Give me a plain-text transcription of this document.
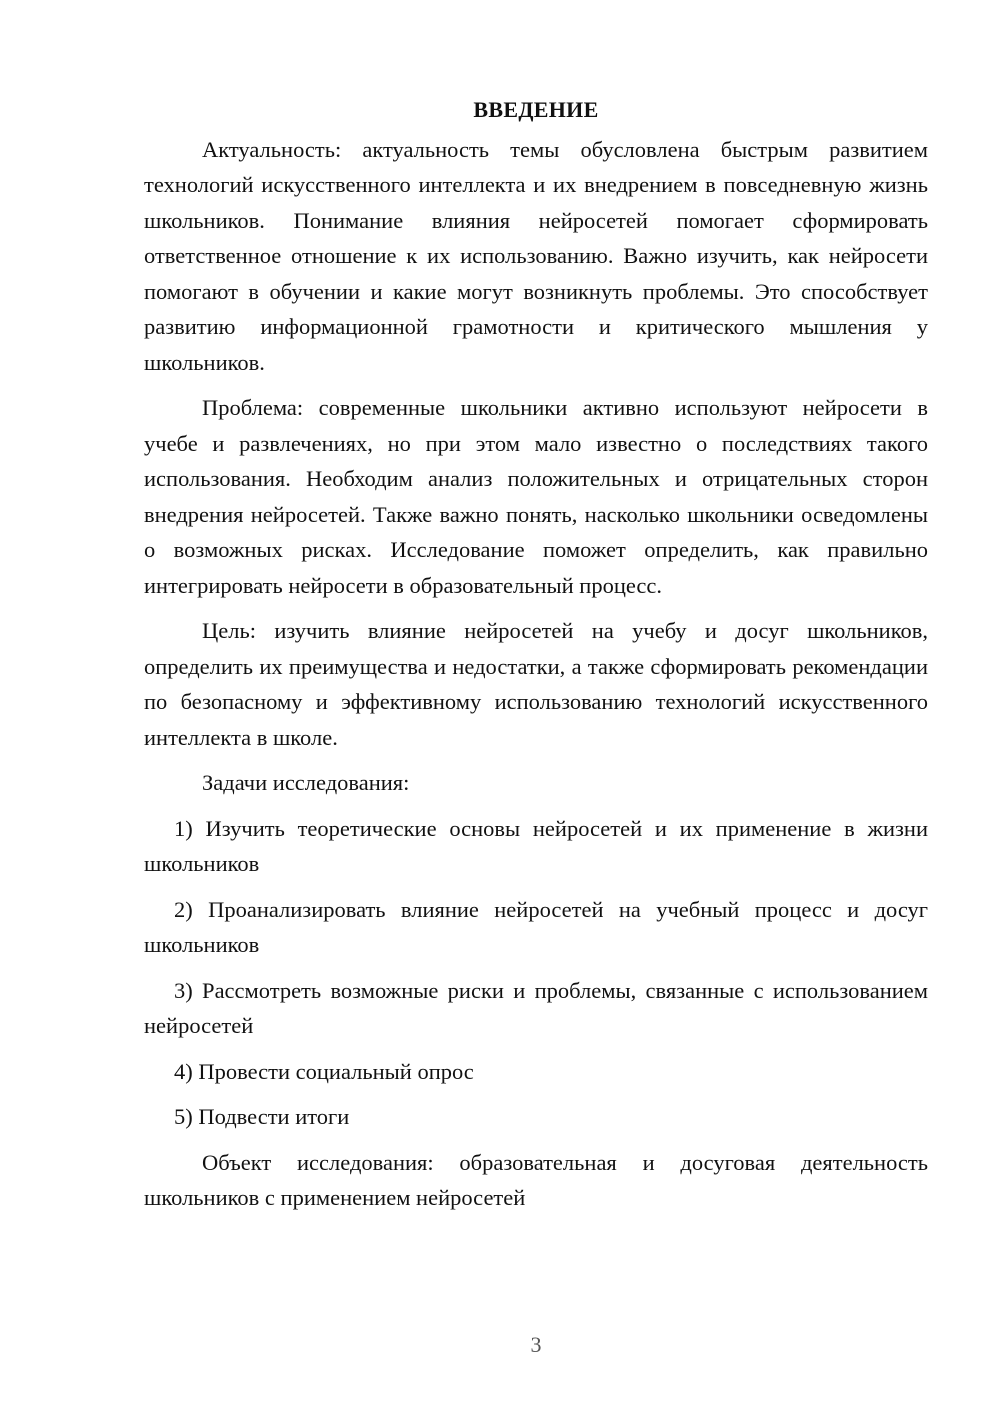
ВВЕДЕНИЕ

Актуальность: актуальность темы обусловлена быстрым развитием технологий искусственного интеллекта и их внедрением в повседневную жизнь школьников. Понимание влияния нейросетей помогает сформировать ответственное отношение к их использованию. Важно изучить, как нейросети помогают в обучении и какие могут возникнуть проблемы. Это способствует развитию информационной грамотности и критического мышления у школьников.

Проблема: современные школьники активно используют нейросети в учебе и развлечениях, но при этом мало известно о последствиях такого использования. Необходим анализ положительных и отрицательных сторон внедрения нейросетей. Также важно понять, насколько школьники осведомлены о возможных рисках. Исследование поможет определить, как правильно интегрировать нейросети в образовательный процесс.

Цель: изучить влияние нейросетей на учебу и досуг школьников, определить их преимущества и недостатки, а также сформировать рекомендации по безопасному и эффективному использованию технологий искусственного интеллекта в школе.

Задачи исследования:

1) Изучить теоретические основы нейросетей и их применение в жизни школьников

2) Проанализировать влияние нейросетей на учебный процесс и досуг школьников

3) Рассмотреть возможные риски и проблемы, связанные с использованием нейросетей

4) Провести социальный опрос

5) Подвести итоги

Объект исследования: образовательная и досуговая деятельность школьников с применением нейросетей

3
